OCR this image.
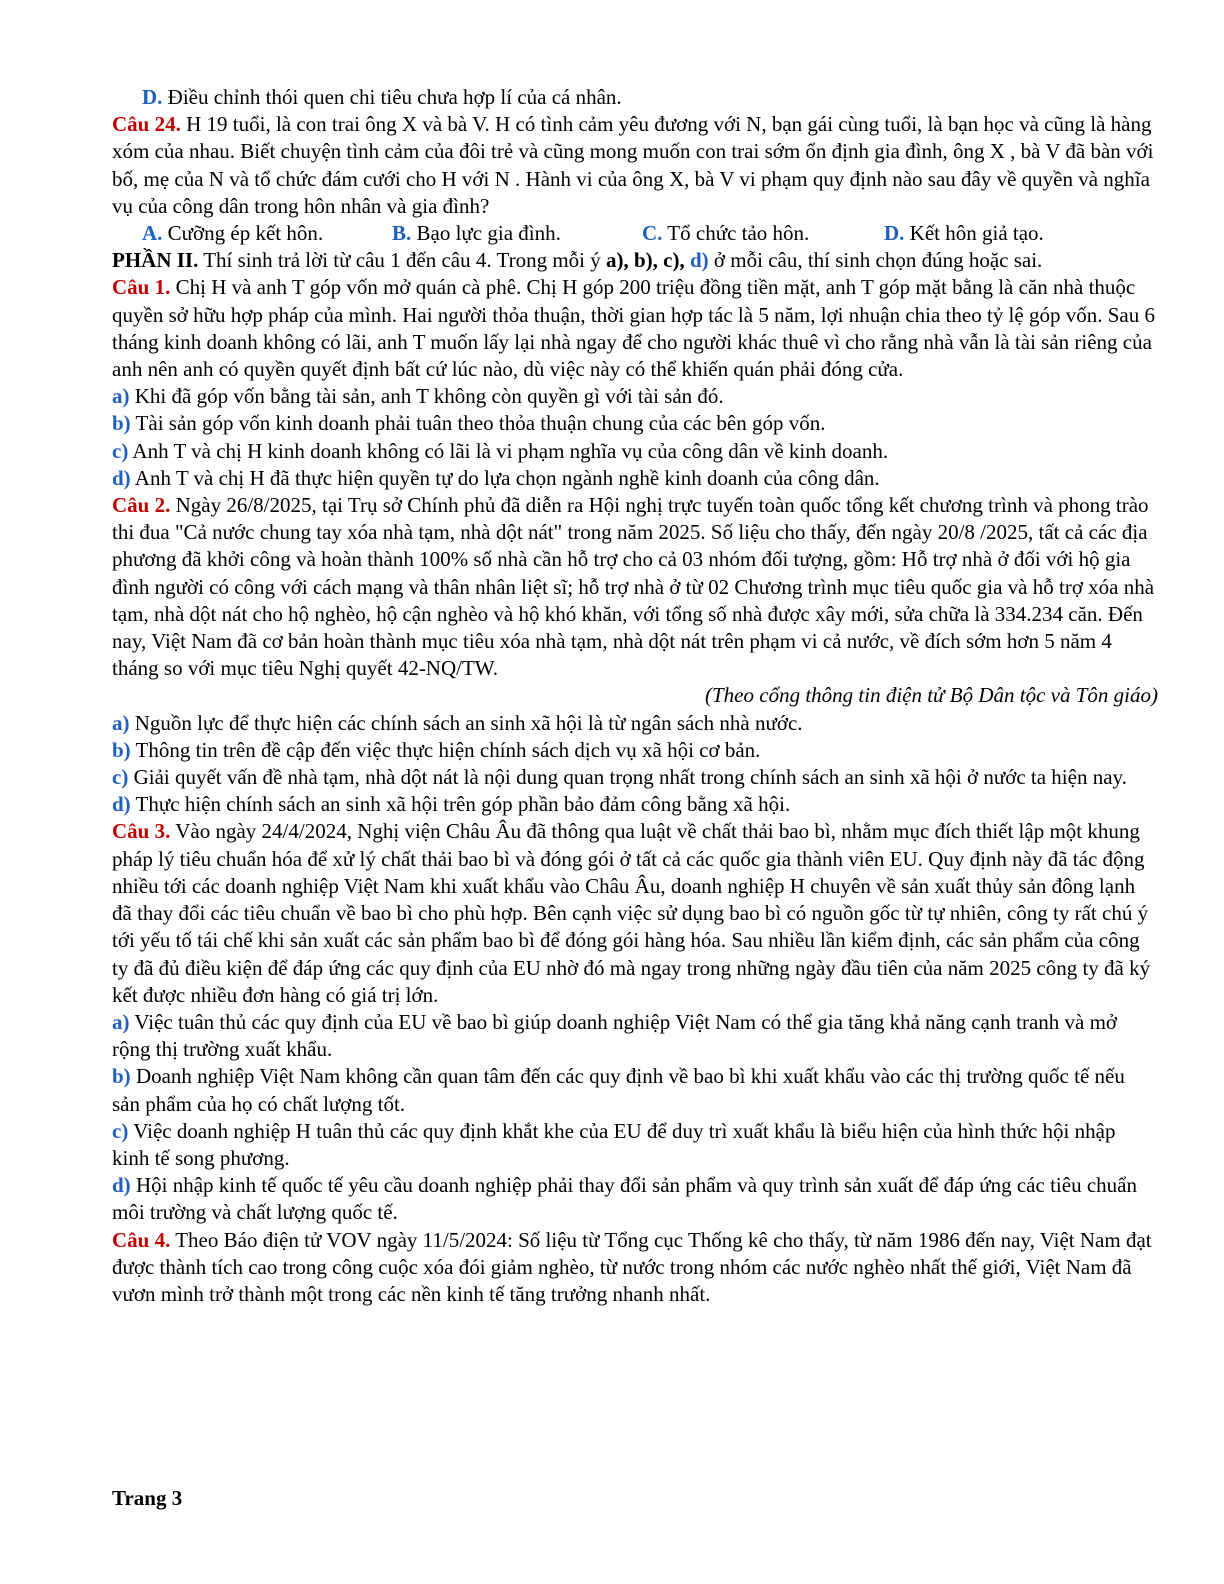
D. Điều chỉnh thói quen chi tiêu chưa hợp lí của cá nhân.

Câu 24. H 19 tuổi, là con trai ông X và bà V. H có tình cảm yêu đương với N, bạn gái cùng tuổi, là bạn học và cũng là hàng xóm của nhau. Biết chuyện tình cảm của đôi trẻ và cũng mong muốn con trai sớm ổn định gia đình, ông X , bà V đã bàn với bố, mẹ của N và tổ chức đám cưới cho H với N . Hành vi của ông X, bà V vi phạm quy định nào sau đây về quyền và nghĩa vụ của công dân trong hôn nhân và gia đình?

A. Cưỡng ép kết hôn.	B. Bạo lực gia đình.	C. Tổ chức tảo hôn.	D. Kết hôn giả tạo.

PHẦN II. Thí sinh trả lời từ câu 1 đến câu 4. Trong mỗi ý a), b), c), d) ở mỗi câu, thí sinh chọn đúng hoặc sai.

Câu 1. Chị H và anh T góp vốn mở quán cà phê. Chị H góp 200 triệu đồng tiền mặt, anh T góp mặt bằng là căn nhà thuộc quyền sở hữu hợp pháp của mình. Hai người thỏa thuận, thời gian hợp tác là 5 năm, lợi nhuận chia theo tỷ lệ góp vốn. Sau 6 tháng kinh doanh không có lãi, anh T muốn lấy lại nhà ngay để cho người khác thuê vì cho rằng nhà vẫn là tài sản riêng của anh nên anh có quyền quyết định bất cứ lúc nào, dù việc này có thể khiến quán phải đóng cửa.

a) Khi đã góp vốn bằng tài sản, anh T không còn quyền gì với tài sản đó.

b) Tài sản góp vốn kinh doanh phải tuân theo thỏa thuận chung của các bên góp vốn.

c) Anh T và chị H kinh doanh không có lãi là vi phạm nghĩa vụ của công dân về kinh doanh.

d) Anh T và chị H đã thực hiện quyền tự do lựa chọn ngành nghề kinh doanh của công dân.

Câu 2. Ngày 26/8/2025, tại Trụ sở Chính phủ đã diễn ra Hội nghị trực tuyến toàn quốc tổng kết chương trình và phong trào thi đua "Cả nước chung tay xóa nhà tạm, nhà dột nát" trong năm 2025. Số liệu cho thấy, đến ngày 20/8 /2025, tất cả các địa phương đã khởi công và hoàn thành 100% số nhà cần hỗ trợ cho cả 03 nhóm đối tượng, gồm: Hỗ trợ nhà ở đối với hộ gia đình người có công với cách mạng và thân nhân liệt sĩ; hỗ trợ nhà ở từ 02 Chương trình mục tiêu quốc gia và hỗ trợ xóa nhà tạm, nhà dột nát cho hộ nghèo, hộ cận nghèo và hộ khó khăn, với tổng số nhà được xây mới, sửa chữa là 334.234 căn. Đến nay, Việt Nam đã cơ bản hoàn thành mục tiêu xóa nhà tạm, nhà dột nát trên phạm vi cả nước, về đích sớm hơn 5 năm 4 tháng so với mục tiêu Nghị quyết 42-NQ/TW.

(Theo cổng thông tin điện tử Bộ Dân tộc và Tôn giáo)

a) Nguồn lực để thực hiện các chính sách an sinh xã hội là từ ngân sách nhà nước.

b) Thông tin trên đề cập đến việc thực hiện chính sách dịch vụ xã hội cơ bản.

c) Giải quyết vấn đề nhà tạm, nhà dột nát là nội dung quan trọng nhất trong chính sách an sinh xã hội ở nước ta hiện nay.

d) Thực hiện chính sách an sinh xã hội trên góp phần bảo đảm công bằng xã hội.

Câu 3. Vào ngày 24/4/2024, Nghị viện Châu Âu đã thông qua luật về chất thải bao bì, nhằm mục đích thiết lập một khung pháp lý tiêu chuẩn hóa để xử lý chất thải bao bì và đóng gói ở tất cả các quốc gia thành viên EU. Quy định này đã tác động nhiều tới các doanh nghiệp Việt Nam khi xuất khẩu vào Châu Âu, doanh nghiệp H chuyên về sản xuất thủy sản đông lạnh đã thay đổi các tiêu chuẩn về bao bì cho phù hợp. Bên cạnh việc sử dụng bao bì có nguồn gốc từ tự nhiên, công ty rất chú ý tới yếu tố tái chế khi sản xuất các sản phẩm bao bì để đóng gói hàng hóa. Sau nhiều lần kiểm định, các sản phẩm của công ty đã đủ điều kiện để đáp ứng các quy định của EU nhờ đó mà ngay trong những ngày đầu tiên của năm 2025 công ty đã ký kết được nhiều đơn hàng có giá trị lớn.

a) Việc tuân thủ các quy định của EU về bao bì giúp doanh nghiệp Việt Nam có thể gia tăng khả năng cạnh tranh và mở rộng thị trường xuất khẩu.

b) Doanh nghiệp Việt Nam không cần quan tâm đến các quy định về bao bì khi xuất khẩu vào các thị trường quốc tế nếu sản phẩm của họ có chất lượng tốt.

c) Việc doanh nghiệp H tuân thủ các quy định khắt khe của EU để duy trì xuất khẩu là biểu hiện của hình thức hội nhập kinh tế song phương.

d) Hội nhập kinh tế quốc tế yêu cầu doanh nghiệp phải thay đổi sản phẩm và quy trình sản xuất để đáp ứng các tiêu chuẩn môi trường và chất lượng quốc tế.

Câu 4. Theo Báo điện tử VOV ngày 11/5/2024: Số liệu từ Tổng cục Thống kê cho thấy, từ năm 1986 đến nay, Việt Nam đạt được thành tích cao trong công cuộc xóa đói giảm nghèo, từ nước trong nhóm các nước nghèo nhất thế giới, Việt Nam đã vươn mình trở thành một trong các nền kinh tế tăng trưởng nhanh nhất.

Trang 3
